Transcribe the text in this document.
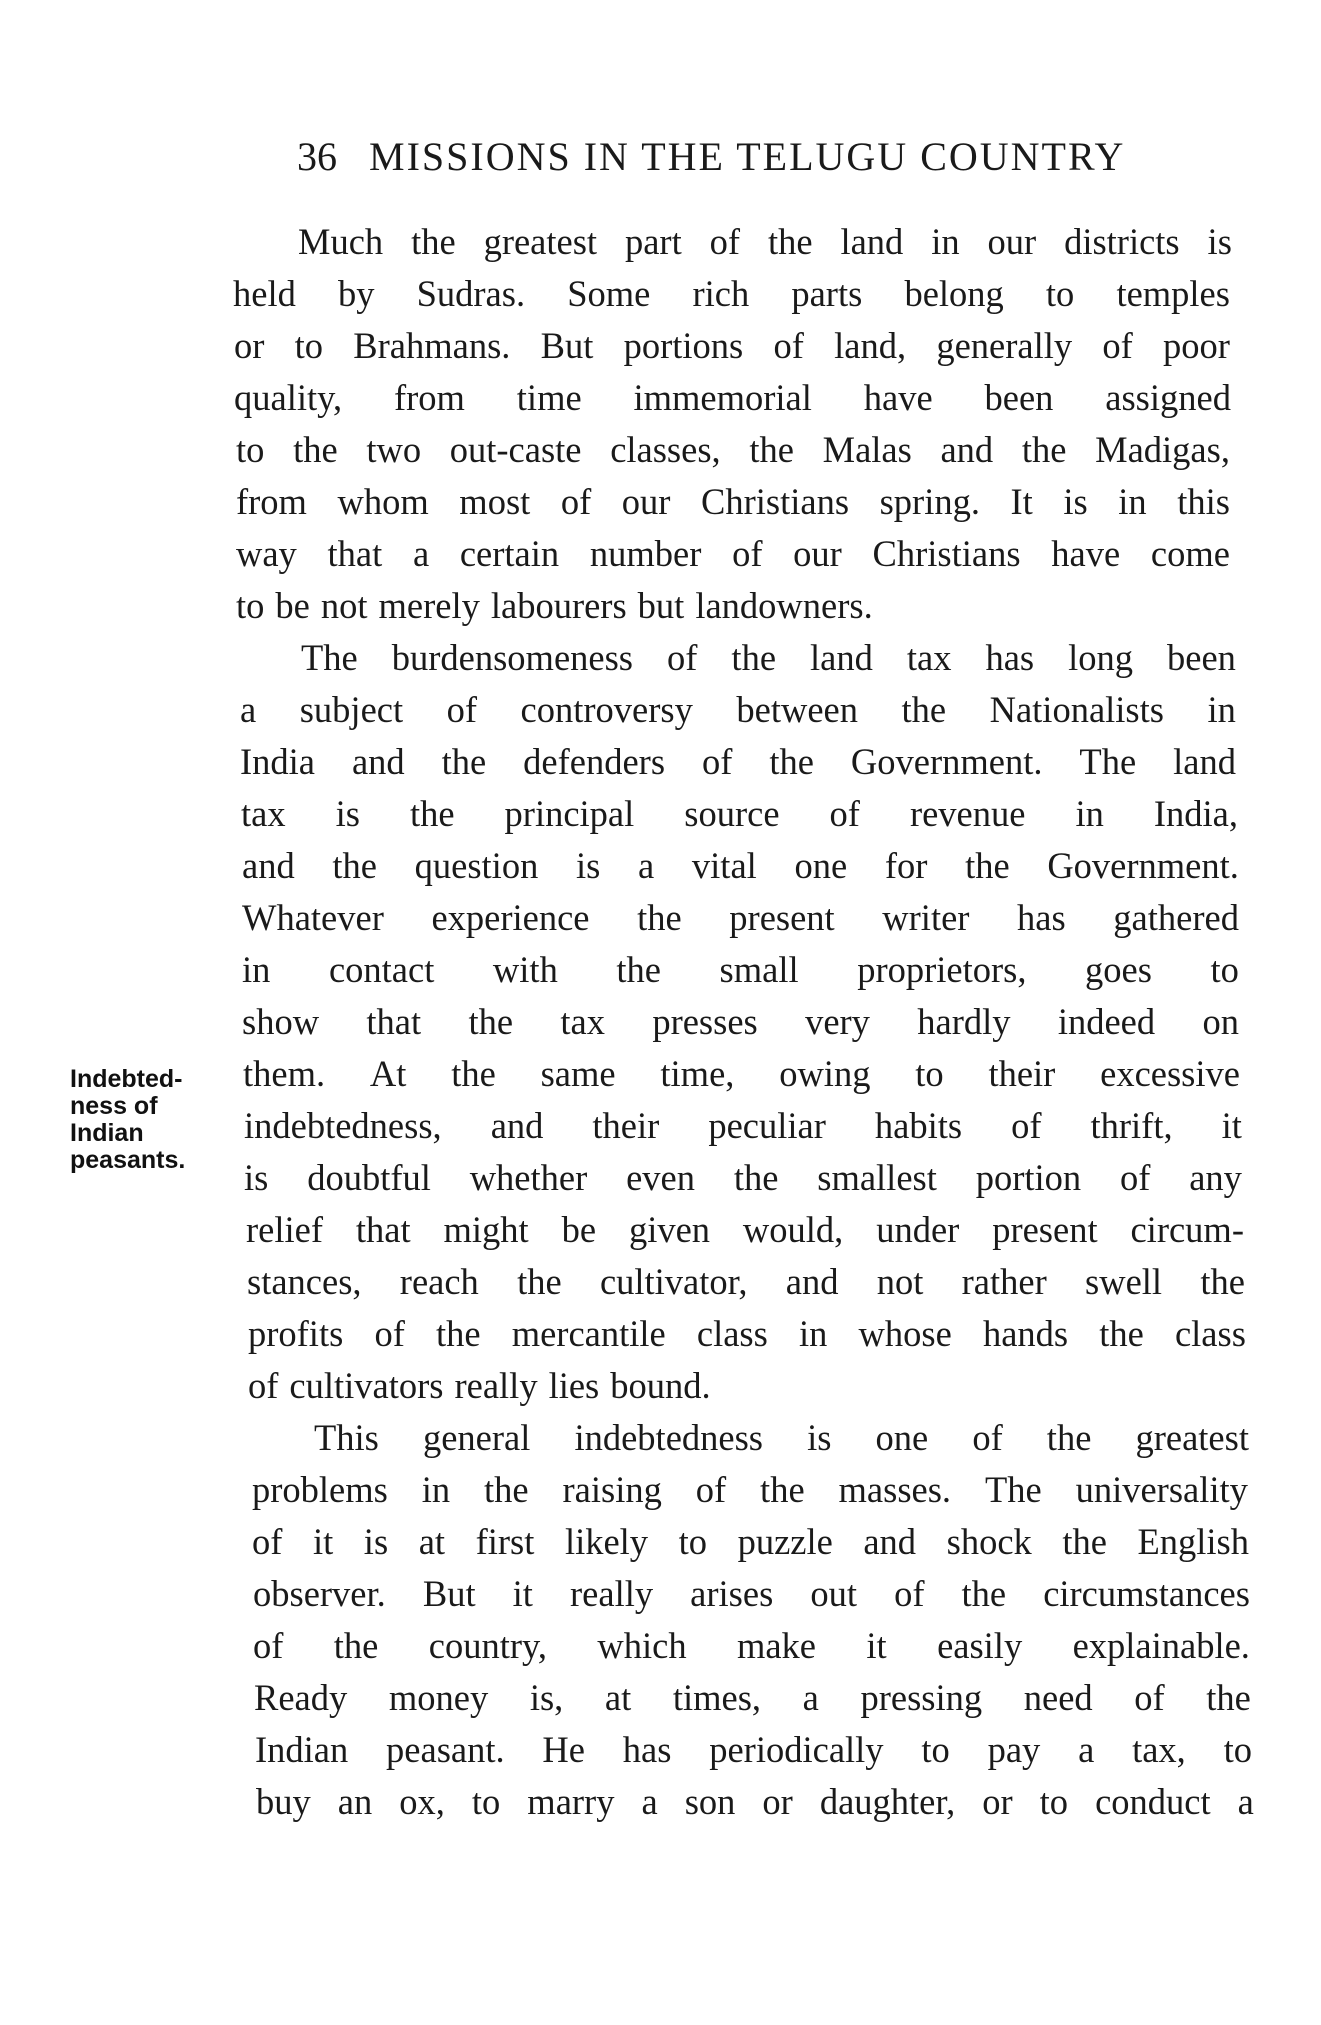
36 MISSIONS IN THE TELUGU COUNTRY
Indebted-
ness of
Indian
peasants.
Much the greatest part of the land in our districts is
held by Sudras. Some rich parts belong to temples
or to Brahmans. But portions of land, generally of poor
quality, from time immemorial have been assigned
to the two out-caste classes, the Malas and the Madigas,
from whom most of our Christians spring. It is in this
way that a certain number of our Christians have come
to be not merely labourers but landowners.
The burdensomeness of the land tax has long been
a subject of controversy between the Nationalists in
India and the defenders of the Government. The land
tax is the principal source of revenue in India,
and the question is a vital one for the Government.
Whatever experience the present writer has gathered
in contact with the small proprietors, goes to
show that the tax presses very hardly indeed on
them. At the same time, owing to their excessive
indebtedness, and their peculiar habits of thrift, it
is doubtful whether even the smallest portion of any
relief that might be given would, under present circum-
stances, reach the cultivator, and not rather swell the
profits of the mercantile class in whose hands the class
of cultivators really lies bound.
This general indebtedness is one of the greatest
problems in the raising of the masses. The universality
of it is at first likely to puzzle and shock the English
observer. But it really arises out of the circumstances
of the country, which make it easily explainable.
Ready money is, at times, a pressing need of the
Indian peasant. He has periodically to pay a tax, to
buy an ox, to marry a son or daughter, or to conduct a
